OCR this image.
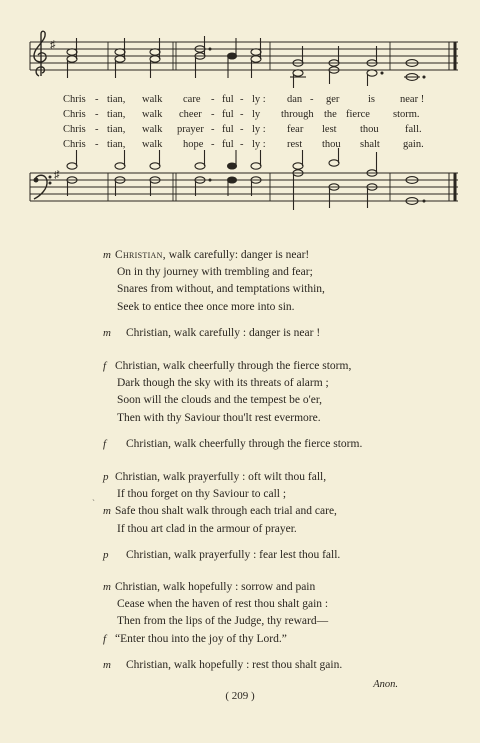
♯
♯
Chris - tian, walk care - ful - ly : dan - ger	is near !
Chris - tian, walk cheer - ful - ly through the fierce storm.
Chris - tian, walk prayer - ful - ly : fear lest thou	fall.
Chris - tian, walk hope - ful - ly : rest thou shalt gain.
m Christian, walk carefully: danger is near!
On in thy journey with trembling and fear;
Snares from without, and temptations within,
Seek to entice thee once more into sin.
m	Christian, walk carefully : danger is near !
f Christian, walk cheerfully through the fierce storm,
Dark though the sky with its threats of alarm ;
Soon will the clouds and the tempest be o'er,
Then with thy Saviour thou'lt rest evermore.
f	Christian, walk cheerfully through the fierce storm.
p Christian, walk prayerfully : oft wilt thou fall,
ˎ If thou forget on thy Saviour to call ;
m Safe thou shalt walk through each trial and care,
If thou art clad in the armour of prayer.
p	Christian, walk prayerfully : fear lest thou fall.
m Christian, walk hopefully : sorrow and pain
Cease when the haven of rest thou shalt gain :
Then from the lips of the Judge, thy reward—
f “Enter thou into the joy of thy Lord.”
m	Christian, walk hopefully : rest thou shalt gain.
Anon.
( 209 )
